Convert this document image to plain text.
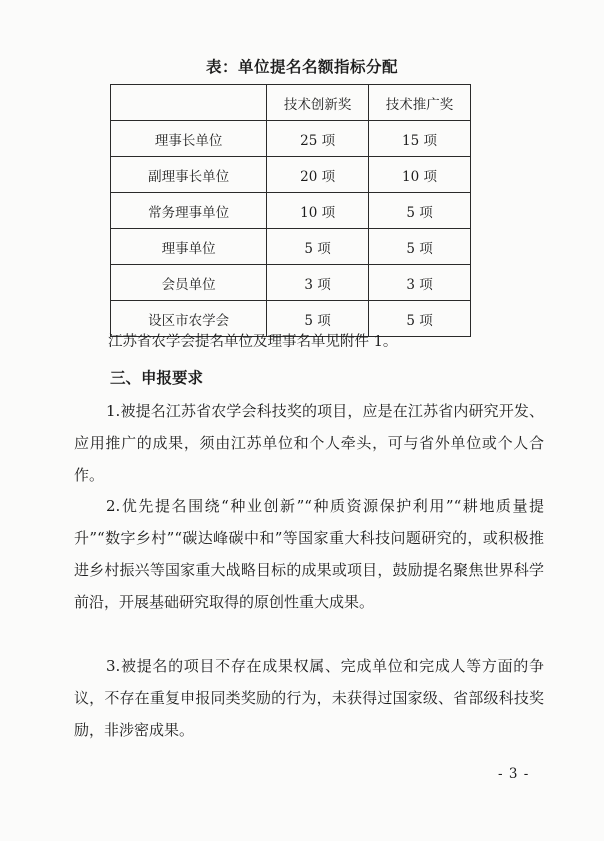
表：单位提名名额指标分配
	技术创新奖	技术推广奖
理事长单位	25 项	15 项
副理事长单位	20 项	10 项
常务理事单位	10 项	5 项
理事单位	5 项	5 项
会员单位	3 项	3 项
设区市农学会	5 项	5 项
江苏省农学会提名单位及理事名单见附件 1。
三、申报要求

1.被提名江苏省农学会科技奖的项目，应是在江苏省内研究开发、应用推广的成果，须由江苏单位和个人牵头，可与省外单位或个人合作。

2.优先提名围绕“种业创新”“种质资源保护利用”“耕地质量提升”“数字乡村”“碳达峰碳中和”等国家重大科技问题研究的，或积极推进乡村振兴等国家重大战略目标的成果或项目，鼓励提名聚焦世界科学前沿，开展基础研究取得的原创性重大成果。

3.被提名的项目不存在成果权属、完成单位和完成人等方面的争议，不存在重复申报同类奖励的行为，未获得过国家级、省部级科技奖励，非涉密成果。

- 3 -
